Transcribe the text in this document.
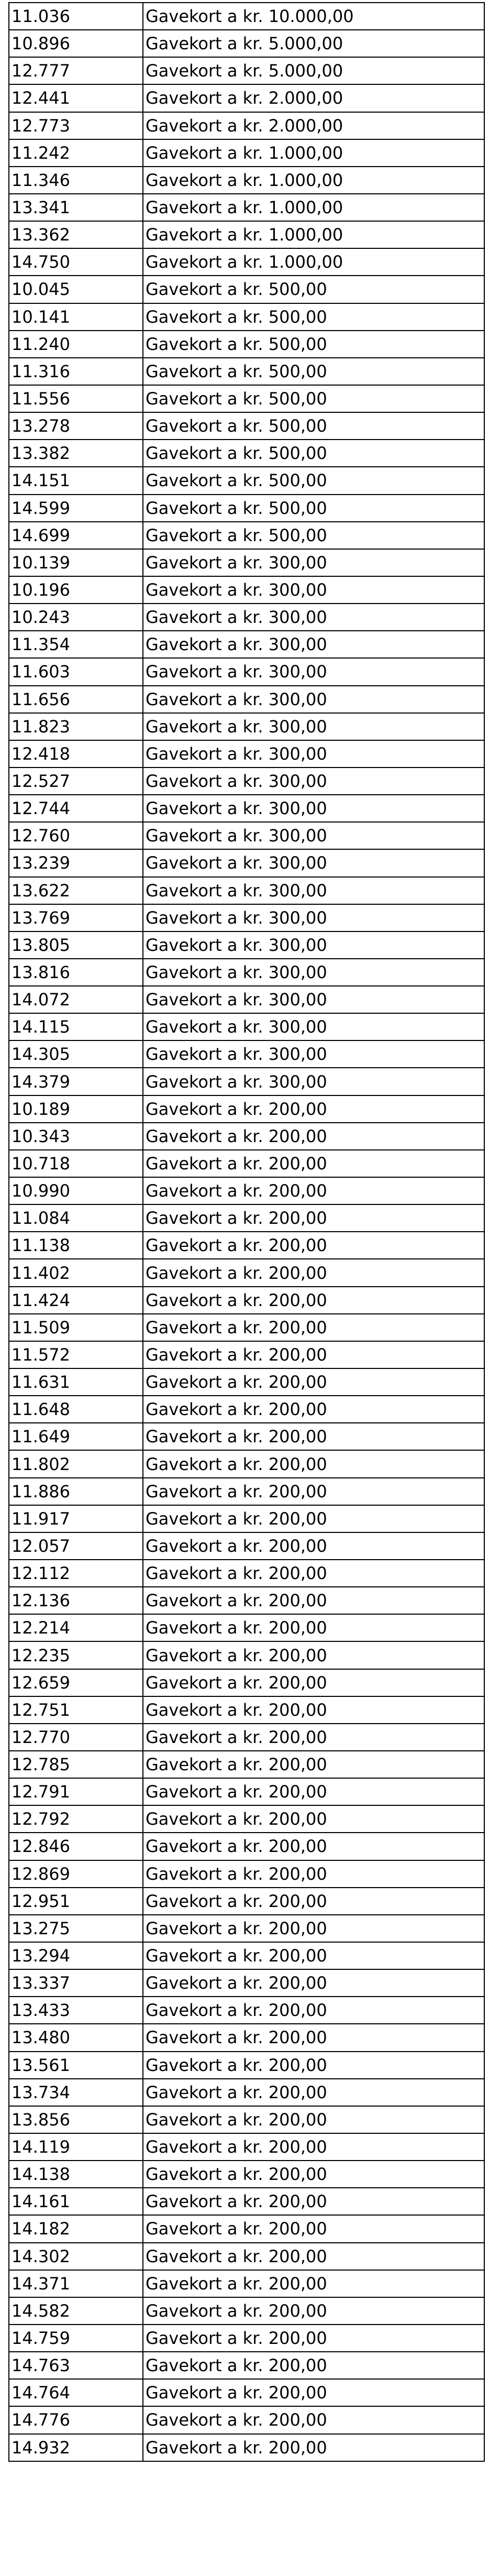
11.036	Gavekort a kr. 10.000,00
10.896	Gavekort a kr. 5.000,00
12.777	Gavekort a kr. 5.000,00
12.441	Gavekort a kr. 2.000,00
12.773	Gavekort a kr. 2.000,00
11.242	Gavekort a kr. 1.000,00
11.346	Gavekort a kr. 1.000,00
13.341	Gavekort a kr. 1.000,00
13.362	Gavekort a kr. 1.000,00
14.750	Gavekort a kr. 1.000,00
10.045	Gavekort a kr. 500,00
10.141	Gavekort a kr. 500,00
11.240	Gavekort a kr. 500,00
11.316	Gavekort a kr. 500,00
11.556	Gavekort a kr. 500,00
13.278	Gavekort a kr. 500,00
13.382	Gavekort a kr. 500,00
14.151	Gavekort a kr. 500,00
14.599	Gavekort a kr. 500,00
14.699	Gavekort a kr. 500,00
10.139	Gavekort a kr. 300,00
10.196	Gavekort a kr. 300,00
10.243	Gavekort a kr. 300,00
11.354	Gavekort a kr. 300,00
11.603	Gavekort a kr. 300,00
11.656	Gavekort a kr. 300,00
11.823	Gavekort a kr. 300,00
12.418	Gavekort a kr. 300,00
12.527	Gavekort a kr. 300,00
12.744	Gavekort a kr. 300,00
12.760	Gavekort a kr. 300,00
13.239	Gavekort a kr. 300,00
13.622	Gavekort a kr. 300,00
13.769	Gavekort a kr. 300,00
13.805	Gavekort a kr. 300,00
13.816	Gavekort a kr. 300,00
14.072	Gavekort a kr. 300,00
14.115	Gavekort a kr. 300,00
14.305	Gavekort a kr. 300,00
14.379	Gavekort a kr. 300,00
10.189	Gavekort a kr. 200,00
10.343	Gavekort a kr. 200,00
10.718	Gavekort a kr. 200,00
10.990	Gavekort a kr. 200,00
11.084	Gavekort a kr. 200,00
11.138	Gavekort a kr. 200,00
11.402	Gavekort a kr. 200,00
11.424	Gavekort a kr. 200,00
11.509	Gavekort a kr. 200,00
11.572	Gavekort a kr. 200,00
11.631	Gavekort a kr. 200,00
11.648	Gavekort a kr. 200,00
11.649	Gavekort a kr. 200,00
11.802	Gavekort a kr. 200,00
11.886	Gavekort a kr. 200,00
11.917	Gavekort a kr. 200,00
12.057	Gavekort a kr. 200,00
12.112	Gavekort a kr. 200,00
12.136	Gavekort a kr. 200,00
12.214	Gavekort a kr. 200,00
12.235	Gavekort a kr. 200,00
12.659	Gavekort a kr. 200,00
12.751	Gavekort a kr. 200,00
12.770	Gavekort a kr. 200,00
12.785	Gavekort a kr. 200,00
12.791	Gavekort a kr. 200,00
12.792	Gavekort a kr. 200,00
12.846	Gavekort a kr. 200,00
12.869	Gavekort a kr. 200,00
12.951	Gavekort a kr. 200,00
13.275	Gavekort a kr. 200,00
13.294	Gavekort a kr. 200,00
13.337	Gavekort a kr. 200,00
13.433	Gavekort a kr. 200,00
13.480	Gavekort a kr. 200,00
13.561	Gavekort a kr. 200,00
13.734	Gavekort a kr. 200,00
13.856	Gavekort a kr. 200,00
14.119	Gavekort a kr. 200,00
14.138	Gavekort a kr. 200,00
14.161	Gavekort a kr. 200,00
14.182	Gavekort a kr. 200,00
14.302	Gavekort a kr. 200,00
14.371	Gavekort a kr. 200,00
14.582	Gavekort a kr. 200,00
14.759	Gavekort a kr. 200,00
14.763	Gavekort a kr. 200,00
14.764	Gavekort a kr. 200,00
14.776	Gavekort a kr. 200,00
14.932	Gavekort a kr. 200,00
